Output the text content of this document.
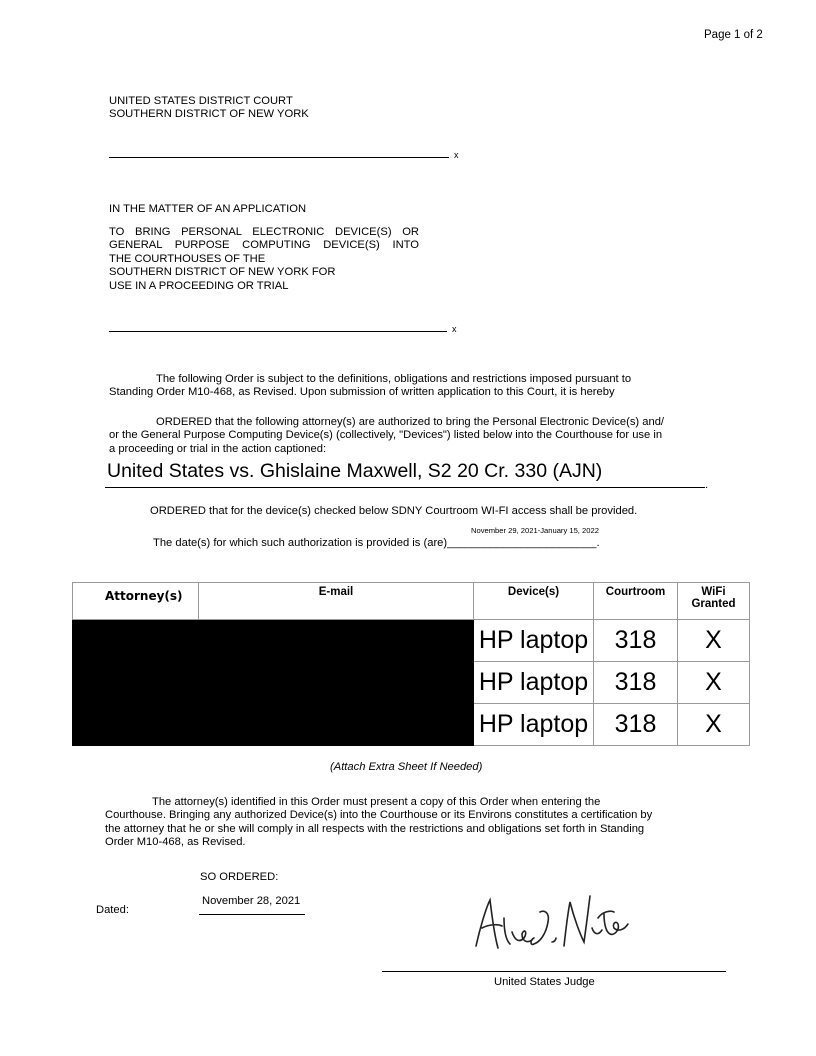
Page 1 of 2
UNITED STATES DISTRICT COURT
SOUTHERN DISTRICT OF NEW YORK
x
IN THE MATTER OF AN APPLICATION
TO BRING PERSONAL ELECTRONIC DEVICE(S) OR
GENERAL PURPOSE COMPUTING DEVICE(S) INTO
THE COURTHOUSES OF THE
SOUTHERN DISTRICT OF NEW YORK FOR
USE IN A PROCEEDING OR TRIAL
x
The following Order is subject to the definitions, obligations and restrictions imposed pursuant to
Standing Order M10-468, as Revised. Upon submission of written application to this Court, it is hereby
ORDERED that the following attorney(s) are authorized to bring the Personal Electronic Device(s) and/
or the General Purpose Computing Device(s) (collectively, "Devices") listed below into the Courthouse for use in
a proceeding or trial in the action captioned:
United States vs. Ghislaine Maxwell, S2 20 Cr. 330 (AJN)
.
ORDERED that for the device(s) checked below SDNY Courtroom WI-FI access shall be provided.
November 29, 2021-January 15, 2022
The date(s) for which such authorization is provided is (are)________________________.
Attorney(s)	E-mail	Device(s)	Courtroom	WiFi
Granted

		HP laptop	318	X
		HP laptop	318	X
		HP laptop	318	X
(Attach Extra Sheet If Needed)
The attorney(s) identified in this Order must present a copy of this Order when entering the
Courthouse. Bringing any authorized Device(s) into the Courthouse or its Environs constitutes a certification by
the attorney that he or she will comply in all respects with the restrictions and obligations set forth in Standing
Order M10-468, as Revised.
SO ORDERED:
November 28, 2021
Dated:
United States Judge
